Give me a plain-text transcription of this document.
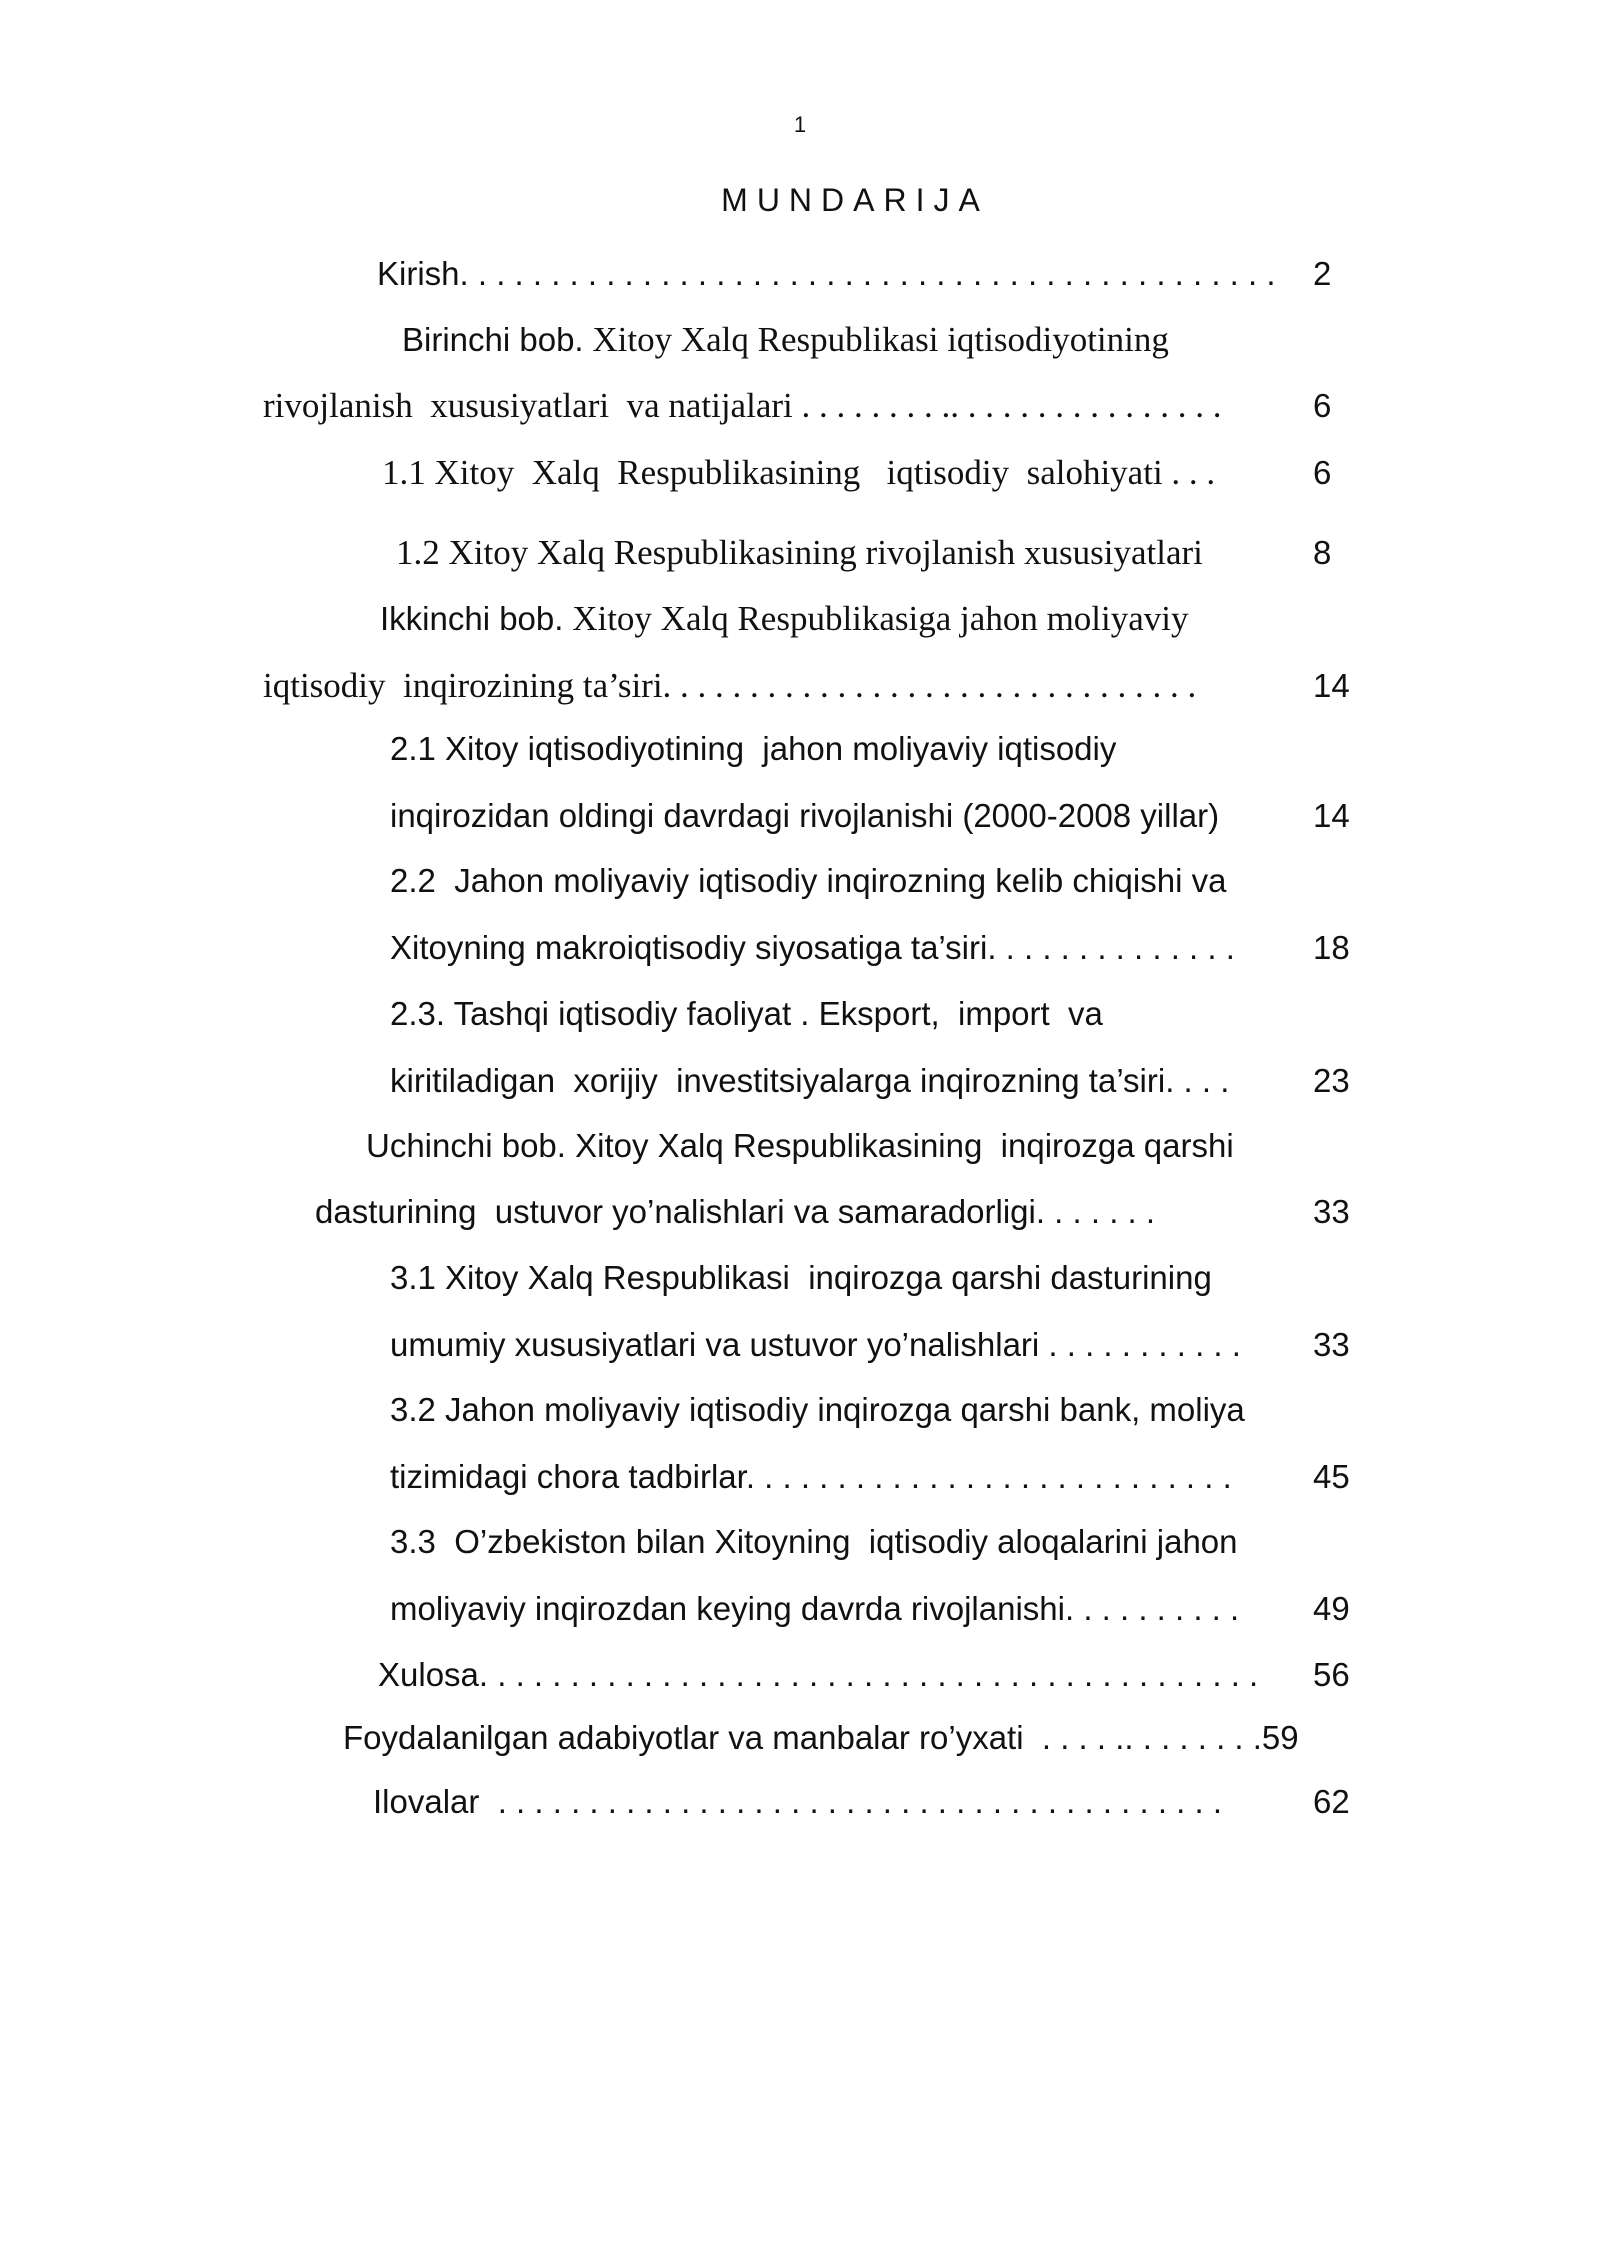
1
MUNDARIJA
Kirish. . . . . . . . . . . . . . . . . . . . . . . . . . . . . . . . . . . . . . . . . . . . . 2
Birinchi bob. Xitoy Xalq Respublikasi iqtisodiyotining
rivojlanish  xususiyatlari  va natijalari . . . . . . . . .. . . . . . . . . . . . . . . .	6
1.1 Xitoy  Xalq  Respublikasining   iqtisodiy  salohiyati . . .	6
1.2 Xitoy Xalq Respublikasining rivojlanish xususiyatlari	8
Ikkinchi bob. Xitoy Xalq Respublikasiga jahon moliyaviy
iqtisodiy  inqirozining ta’siri. . . . . . . . . . . . . . . . . . . . . . . . . . . . . . .	14
2.1 Xitoy iqtisodiyotining  jahon moliyaviy iqtisodiy
inqirozidan oldingi davrdagi rivojlanishi (2000-2008 yillar)	14
2.2  Jahon moliyaviy iqtisodiy inqirozning kelib chiqishi va
Xitoyning makroiqtisodiy siyosatiga ta’siri. . . . . . . . . . . . . . 18
2.3. Tashqi iqtisodiy faoliyat . Eksport,  import  va
kiritiladigan  xorijiy  investitsiyalarga inqirozning ta’siri. . . .	23
Uchinchi bob. Xitoy Xalq Respublikasining  inqirozga qarshi
dasturining  ustuvor yo’nalishlari va samaradorligi. . . . . . .	33
3.1 Xitoy Xalq Respublikasi  inqirozga qarshi dasturining
umumiy xususiyatlari va ustuvor yo’nalishlari . . . . . . . . . . . 33
3.2 Jahon moliyaviy iqtisodiy inqirozga qarshi bank, moliya
tizimidagi chora tadbirlar. . . . . . . . . . . . . . . . . . . . . . . . . . . 45
3.3  O’zbekiston bilan Xitoyning  iqtisodiy aloqalarini jahon
moliyaviy inqirozdan keying davrda rivojlanishi. . . . . . . . . . 49
Xulosa. . . . . . . . . . . . . . . . . . . . . . . . . . . . . . . . . . . . . . . . . . . 56
Foydalanilgan adabiyotlar va manbalar ro’yxati  . . . . .. . . . . . . .59
Ilovalar  . . . . . . . . . . . . . . . . . . . . . . . . . . . . . . . . . . . . . . . .	62
